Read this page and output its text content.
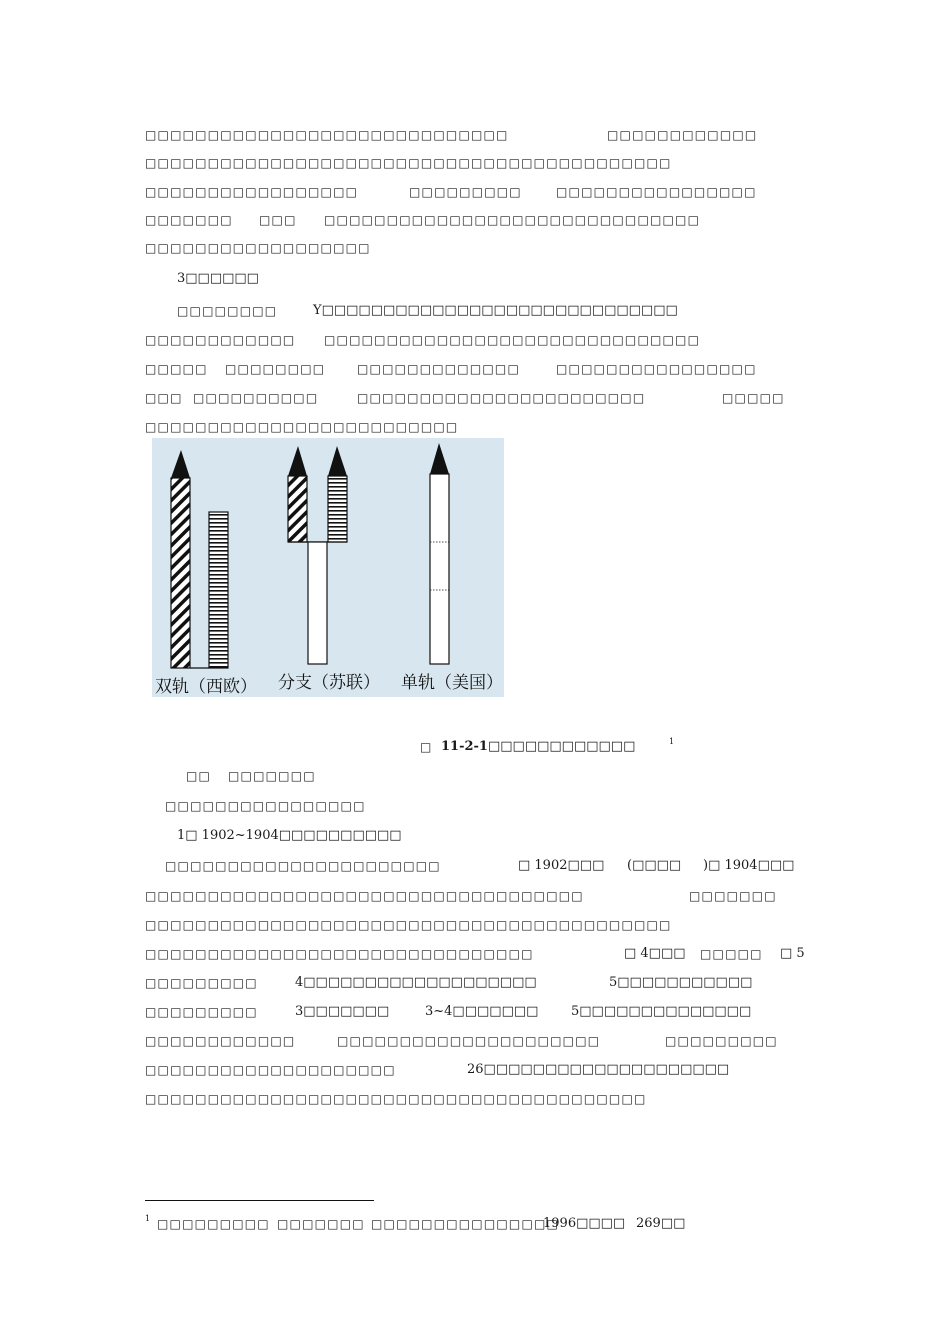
□□□□□□□□□□□□□□□□□□□□□□□□□□□□□	□□□□□□□□□□□□
□□□□□□□□□□□□□□□□□□□□□□□□□□□□□□□□□□□□□□□□□□
□□□□□□□□□□□□□□□□□	□□□□□□□□□	□□□□□□□□□□□□□□□□
□□□□□□□ □□□ □□□□□□□□□□□□□□□□□□□□□□□□□□□□□□
□□□□□□□□□□□□□□□□□□
3□□□□□□
□□□□□□□□	Y□□□□□□□□□□□□□□□□□□□□□□□□□□□□□
□□□□□□□□□□□□ □□□□□□□□□□□□□□□□□□□□□□□□□□□□□□
□□□□□ □□□□□□□□	□□□□□□□□□□□□□	□□□□□□□□□□□□□□□□
□□□ □□□□□□□□□□	□□□□□□□□□□□□□□□□□□□□□□□	□□□□□
□□□□□□□□□□□□□□□□□□□□□□□□□
□ 11-2-1□□□□□□□□□□□□
□□ □□□□□□□
□□□□□□□□□□□□□□□□
1□ 1902~1904□□□□□□□□□□
□□□□□□□□□□□□□□□□□□□□□□	□ 1902□□□ (□□□□ )□ 1904□□□
□□□□□□□□□□□□□□□□□□□□□□□□□□□□□□□□□□□	□□□□□□□
□□□□□□□□□□□□□□□□□□□□□□□□□□□□□□□□□□□□□□□□□□
□□□□□□□□□□□□□□□□□□□□□□□□□□□□□□□	□ 4□□□ □□□□□ □ 5
□□□□□□□□□	4□□□□□□□□□□□□□□□□□□□	5□□□□□□□□□□□
□□□□□□□□□	3□□□□□□□	3~4□□□□□□□	5□□□□□□□□□□□□□□
□□□□□□□□□□□□	□□□□□□□□□□□□□□□□□□□□□	□□□□□□□□□
□□□□□□□□□□□□□□□□□□□□	26□□□□□□□□□□□□□□□□□□□□
□□□□□□□□□□□□□□□□□□□□□□□□□□□□□□□□□□□□□□□□
□□□□□□□□□ □□□□□□□ □□□□□□□□□□□□□□□
1996□□□□ 269□□
1
双轨（西欧） 分支（苏联） 单轨（美国）
1
